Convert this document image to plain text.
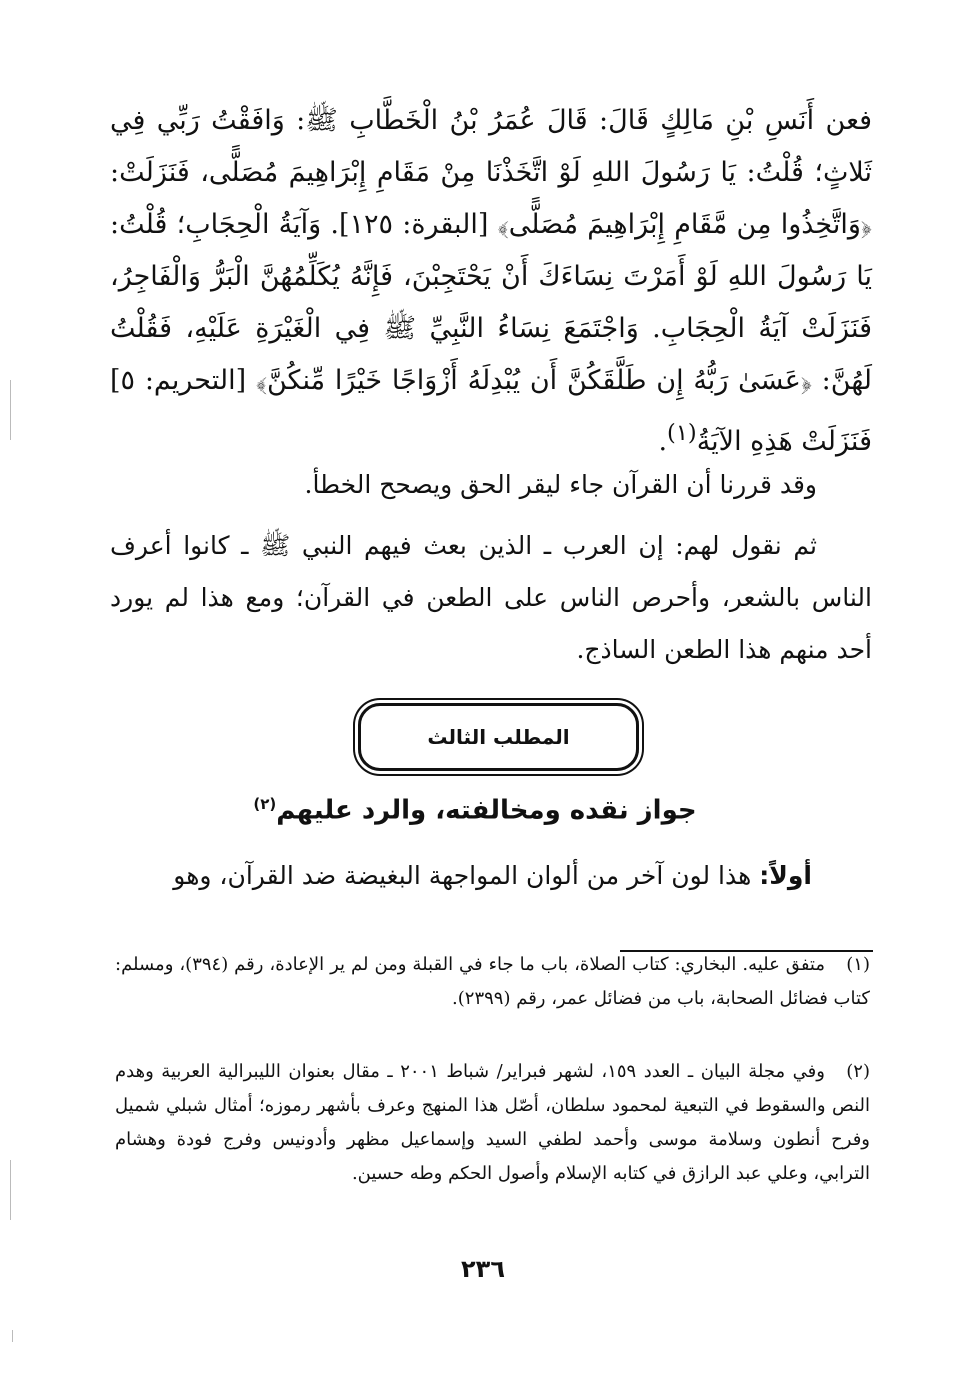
فعن أَنَسِ بْنِ مَالِكٍ قَالَ: قَالَ عُمَرُ بْنُ الْخَطَّابِ ﷺ: وَافَقْتُ رَبِّي فِي ثَلاثٍ؛ قُلْتُ: يَا رَسُولَ اللهِ لَوْ اتَّخَذْنَا مِنْ مَقَامِ إِبْرَاهِيمَ مُصَلًّى، فَنَزَلَتْ: ﴿وَاتَّخِذُوا مِن مَّقَامِ إِبْرَاهِيمَ مُصَلًّى﴾ [البقرة: ١٢٥]. وَآيَةُ الْحِجَابِ؛ قُلْتُ: يَا رَسُولَ اللهِ لَوْ أَمَرْتَ نِسَاءَكَ أَنْ يَحْتَجِبْنَ، فَإِنَّهُ يُكَلِّمُهُنَّ الْبَرُّ وَالْفَاجِرُ، فَنَزَلَتْ آيَةُ الْحِجَابِ. وَاجْتَمَعَ نِسَاءُ النَّبِيِّ ﷺ فِي الْغَيْرَةِ عَلَيْهِ، فَقُلْتُ لَهُنَّ: ﴿عَسَىٰ رَبُّهُ إِن طَلَّقَكُنَّ أَن يُبْدِلَهُ أَزْوَاجًا خَيْرًا مِّنكُنَّ﴾ [التحريم: ٥] فَنَزَلَتْ هَذِهِ الآيَةُ$^{(١)}$.
وقد قررنا أن القرآن جاء ليقر الحق ويصحح الخطأ.
ثم نقول لهم: إن العرب ـ الذين بعث فيهم النبي ﷺ ـ كانوا أعرف الناس بالشعر، وأحرص الناس على الطعن في القرآن؛ ومع هذا لم يورد أحد منهم هذا الطعن الساذج.
المطلب الثالث
جواز نقده ومخالفته، والرد عليهم$^{(٢)}$
أولاً: هذا لون آخر من ألوان المواجهة البغيضة ضد القرآن، وهو
(١)متفق عليه. البخاري: كتاب الصلاة، باب ما جاء في القبلة ومن لم ير الإعادة، رقم (٣٩٤)، ومسلم: كتاب فضائل الصحابة، باب من فضائل عمر، رقم (٢٣٩٩).
(٢)وفي مجلة البيان ـ العدد ١٥٩، لشهر فبراير/ شباط ٢٠٠١ ـ مقال بعنوان الليبرالية العربية وهدم النص والسقوط في التبعية لمحمود سلطان، أصّل هذا المنهج وعرف بأشهر رموزه؛ أمثال شبلي شميل وفرح أنطون وسلامة موسى وأحمد لطفي السيد وإسماعيل مظهر وأدونيس وفرج فودة وهشام الترابي، وعلي عبد الرازق في كتابه الإسلام وأصول الحكم وطه حسين.
٢٣٦
